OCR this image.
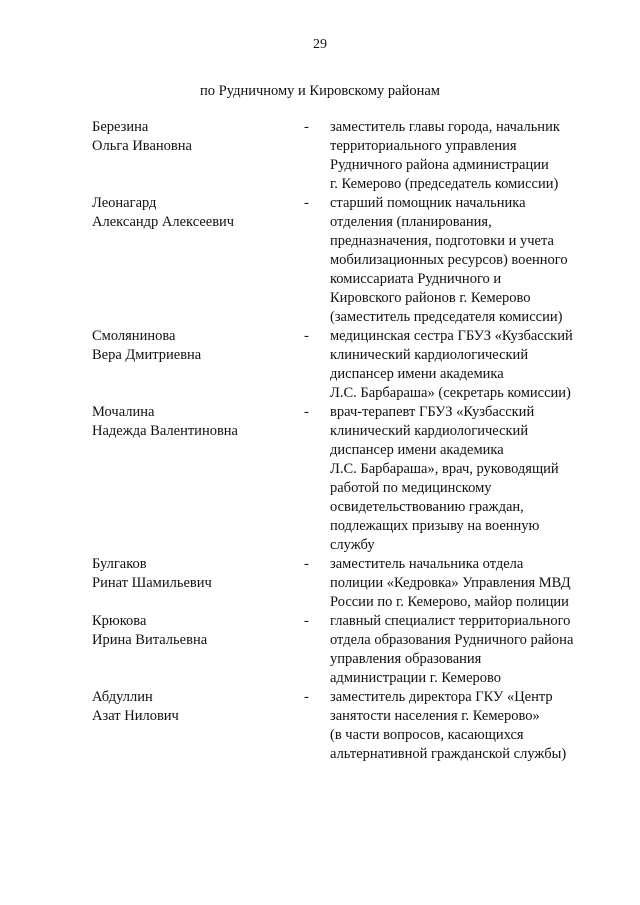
29
по Рудничному и Кировскому районам
Березина
Ольга Ивановна
-	заместитель главы города, начальник
территориального управления
Рудничного района администрации
г. Кемерово (председатель комиссии)
Леонагард
Александр Алексеевич
-	старший помощник начальника
отделения (планирования,
предназначения, подготовки и учета
мобилизационных ресурсов) военного
комиссариата Рудничного и
Кировского районов г. Кемерово
(заместитель председателя комиссии)
Смолянинова
Вера Дмитриевна
-	медицинская сестра ГБУЗ «Кузбасский
клинический кардиологический
диспансер имени академика
Л.С. Барбараша» (секретарь комиссии)
Мочалина
Надежда Валентиновна
-	врач-терапевт ГБУЗ «Кузбасский
клинический кардиологический
диспансер имени академика
Л.С. Барбараша», врач, руководящий
работой по медицинскому
освидетельствованию граждан,
подлежащих призыву на военную
службу
Булгаков
Ринат Шамильевич
-	заместитель начальника отдела
полиции «Кедровка» Управления МВД
России по г. Кемерово, майор полиции
Крюкова
Ирина Витальевна
-	главный специалист территориального
отдела образования Рудничного района
управления образования
администрации г. Кемерово
Абдуллин
Азат Нилович
-	заместитель директора ГКУ «Центр
занятости населения г. Кемерово»
(в части вопросов, касающихся
альтернативной гражданской службы)
